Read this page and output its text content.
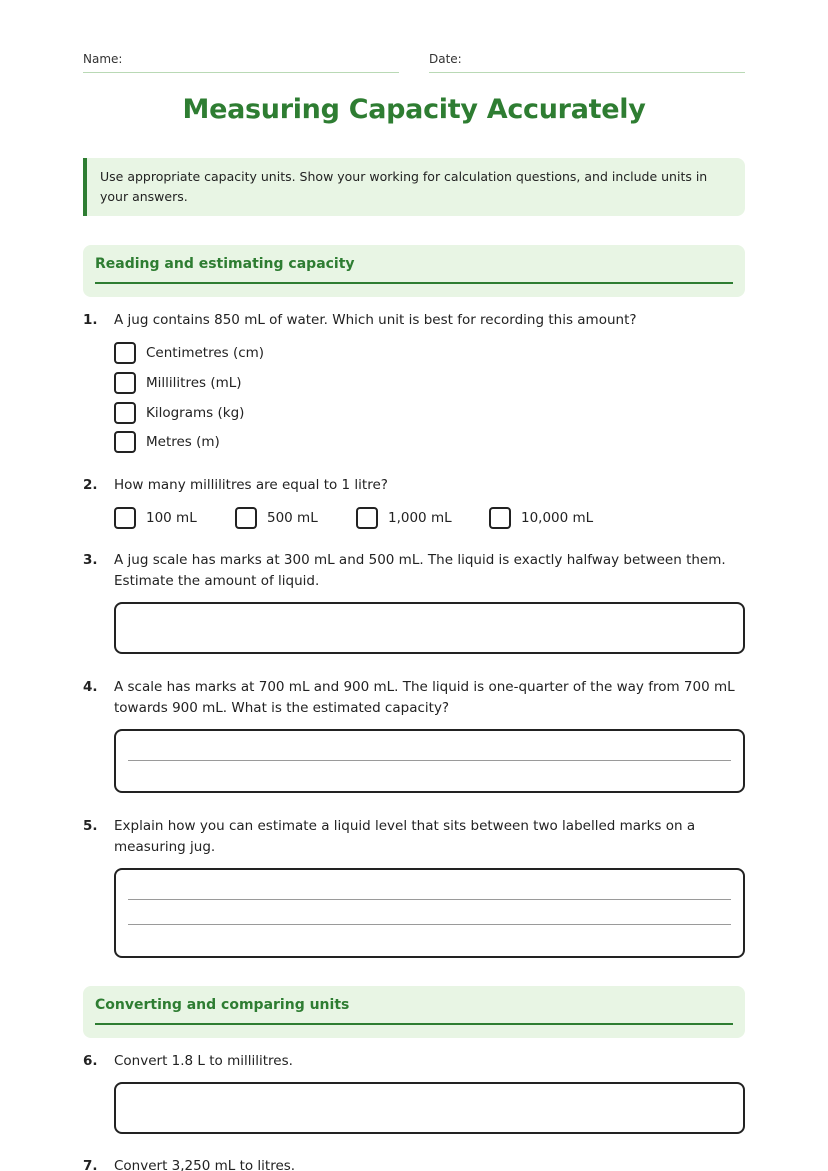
Name:	Date:
Measuring Capacity Accurately
Use appropriate capacity units. Show your working for calculation questions, and include units in your answers.
Reading and estimating capacity
1. A jug contains 850 mL of water. Which unit is best for recording this amount?
Centimetres (cm)
Millilitres (mL)
Kilograms (kg)
Metres (m)
2. How many millilitres are equal to 1 litre?
100 mL	500 mL	1,000 mL	10,000 mL
3. A jug scale has marks at 300 mL and 500 mL. The liquid is exactly halfway between them. Estimate the amount of liquid.
4. A scale has marks at 700 mL and 900 mL. The liquid is one-quarter of the way from 700 mL towards 900 mL. What is the estimated capacity?
5. Explain how you can estimate a liquid level that sits between two labelled marks on a measuring jug.
Converting and comparing units
6. Convert 1.8 L to millilitres.
7. Convert 3,250 mL to litres.
